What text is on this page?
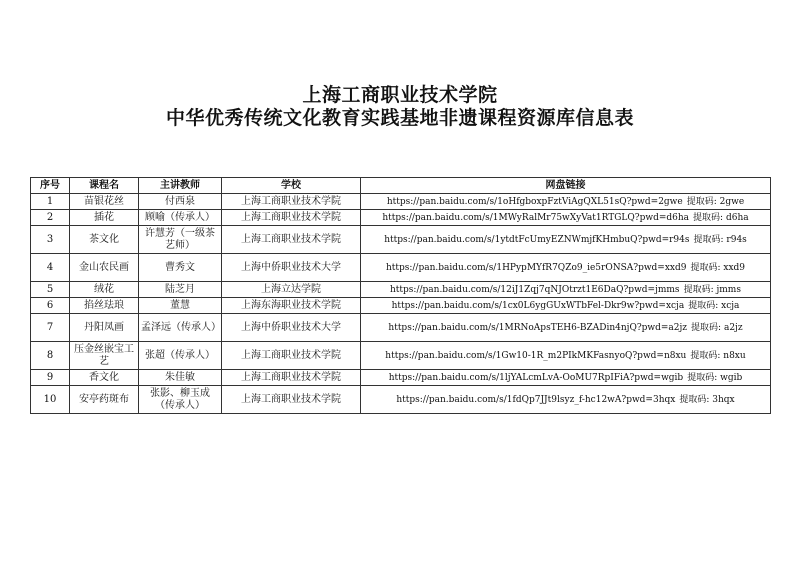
上海工商职业技术学院
中华优秀传统文化教育实践基地非遗课程资源库信息表
序号	课程名	主讲教师	学校	网盘链接
1	苗银花丝	付西泉	上海工商职业技术学院	https://pan.baidu.com/s/1oHfgboxpFztViAgQXL51sQ?pwd=2gwe 提取码: 2gwe
2	插花	顾喻（传承人）	上海工商职业技术学院	https://pan.baidu.com/s/1MWyRalMr75wXyVat1RTGLQ?pwd=d6ha 提取码: d6ha
3	茶文化	许慧芳（一级茶艺师）	上海工商职业技术学院	https://pan.baidu.com/s/1ytdtFcUmyEZNWmjfKHmbuQ?pwd=r94s 提取码: r94s
4	金山农民画	曹秀文	上海中侨职业技术大学	https://pan.baidu.com/s/1HPypMYfR7QZo9_ie5rONSA?pwd=xxd9 提取码: xxd9
5	绒花	陆芝月	上海立达学院	https://pan.baidu.com/s/12iJ1Zqj7qNJOtrzt1E6DaQ?pwd=jmms 提取码: jmms
6	掐丝珐琅	董慧	上海东海职业技术学院	https://pan.baidu.com/s/1cx0L6ygGUxWTbFel-Dkr9w?pwd=xcja 提取码: xcja
7	丹阳凤画	孟泽远（传承人）	上海中侨职业技术大学	https://pan.baidu.com/s/1MRNoApsTEH6-BZADin4njQ?pwd=a2jz 提取码: a2jz
8	压金丝嵌宝工艺	张超（传承人）	上海工商职业技术学院	https://pan.baidu.com/s/1Gw10-1R_m2PIkMKFasnyoQ?pwd=n8xu 提取码: n8xu
9	香文化	朱佳敏	上海工商职业技术学院	https://pan.baidu.com/s/1ljYALcmLvA-OoMU7RpIFiA?pwd=wgib 提取码: wgib
10	安亭药斑布	张影、柳玉成（传承人）	上海工商职业技术学院	https://pan.baidu.com/s/1fdQp7JJt9lsyz_f-hc12wA?pwd=3hqx 提取码: 3hqx
